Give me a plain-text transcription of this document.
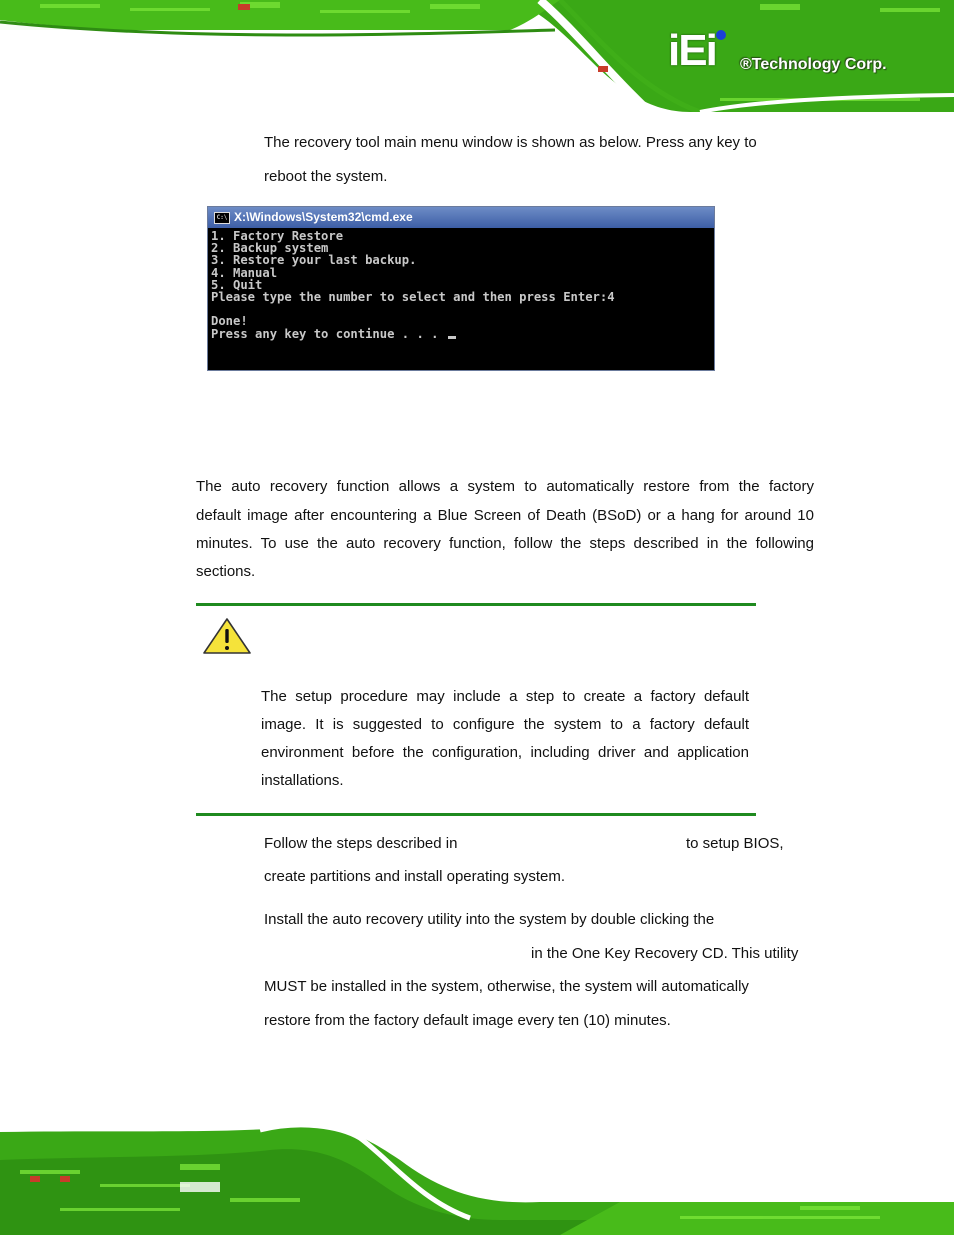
iEi ®Technology Corp.

The recovery tool main menu window is shown as below. Press any key to

reboot the system.

C:\ X:\Windows\System32\cmd.exe
1. Factory Restore
2. Backup system
3. Restore your last backup.
4. Manual
5. Quit
Please type the number to select and then press Enter:4
Done!
Press any key to continue . . .

The auto recovery function allows a system to automatically restore from the factory

default image after encountering a Blue Screen of Death (BSoD) or a hang for around 10

minutes. To use the auto recovery function, follow the steps described in the following

sections.

The setup procedure may include a step to create a factory default

image. It is suggested to configure the system to a factory default

environment before the configuration, including driver and application

installations.

Follow the steps described in	to setup BIOS,

create partitions and install operating system.

Install the auto recovery utility into the system by double clicking the

in the One Key Recovery CD. This utility

MUST be installed in the system, otherwise, the system will automatically

restore from the factory default image every ten (10) minutes.
